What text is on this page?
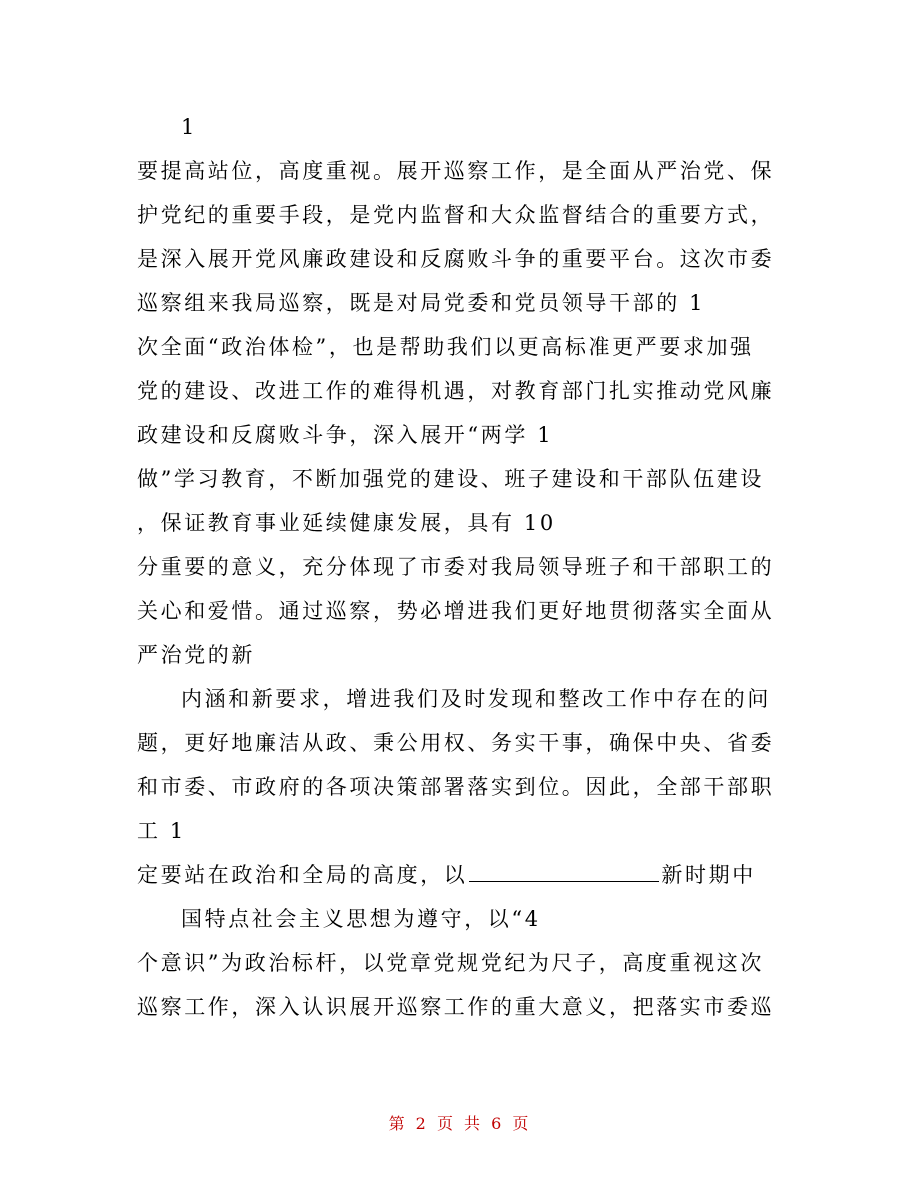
1
要提高站位，高度重视。展开巡察工作，是全面从严治党、保
护党纪的重要手段，是党内监督和大众监督结合的重要方式，
是深入展开党风廉政建设和反腐败斗争的重要平台。这次市委
巡察组来我局巡察，既是对局党委和党员领导干部的 1
次全面“政治体检”，也是帮助我们以更高标准更严要求加强
党的建设、改进工作的难得机遇，对教育部门扎实推动党风廉
政建设和反腐败斗争，深入展开“两学 1
做”学习教育，不断加强党的建设、班子建设和干部队伍建设
，保证教育事业延续健康发展，具有 10
分重要的意义，充分体现了市委对我局领导班子和干部职工的
关心和爱惜。通过巡察，势必增进我们更好地贯彻落实全面从
严治党的新
内涵和新要求，增进我们及时发现和整改工作中存在的问
题，更好地廉洁从政、秉公用权、务实干事，确保中央、省委
和市委、市政府的各项决策部署落实到位。因此，全部干部职
工 1
定要站在政治和全局的高度，以	新时期中
国特点社会主义思想为遵守，以“4
个意识”为政治标杆，以党章党规党纪为尺子，高度重视这次
巡察工作，深入认识展开巡察工作的重大意义，把落实市委巡
第 2 页 共 6 页
